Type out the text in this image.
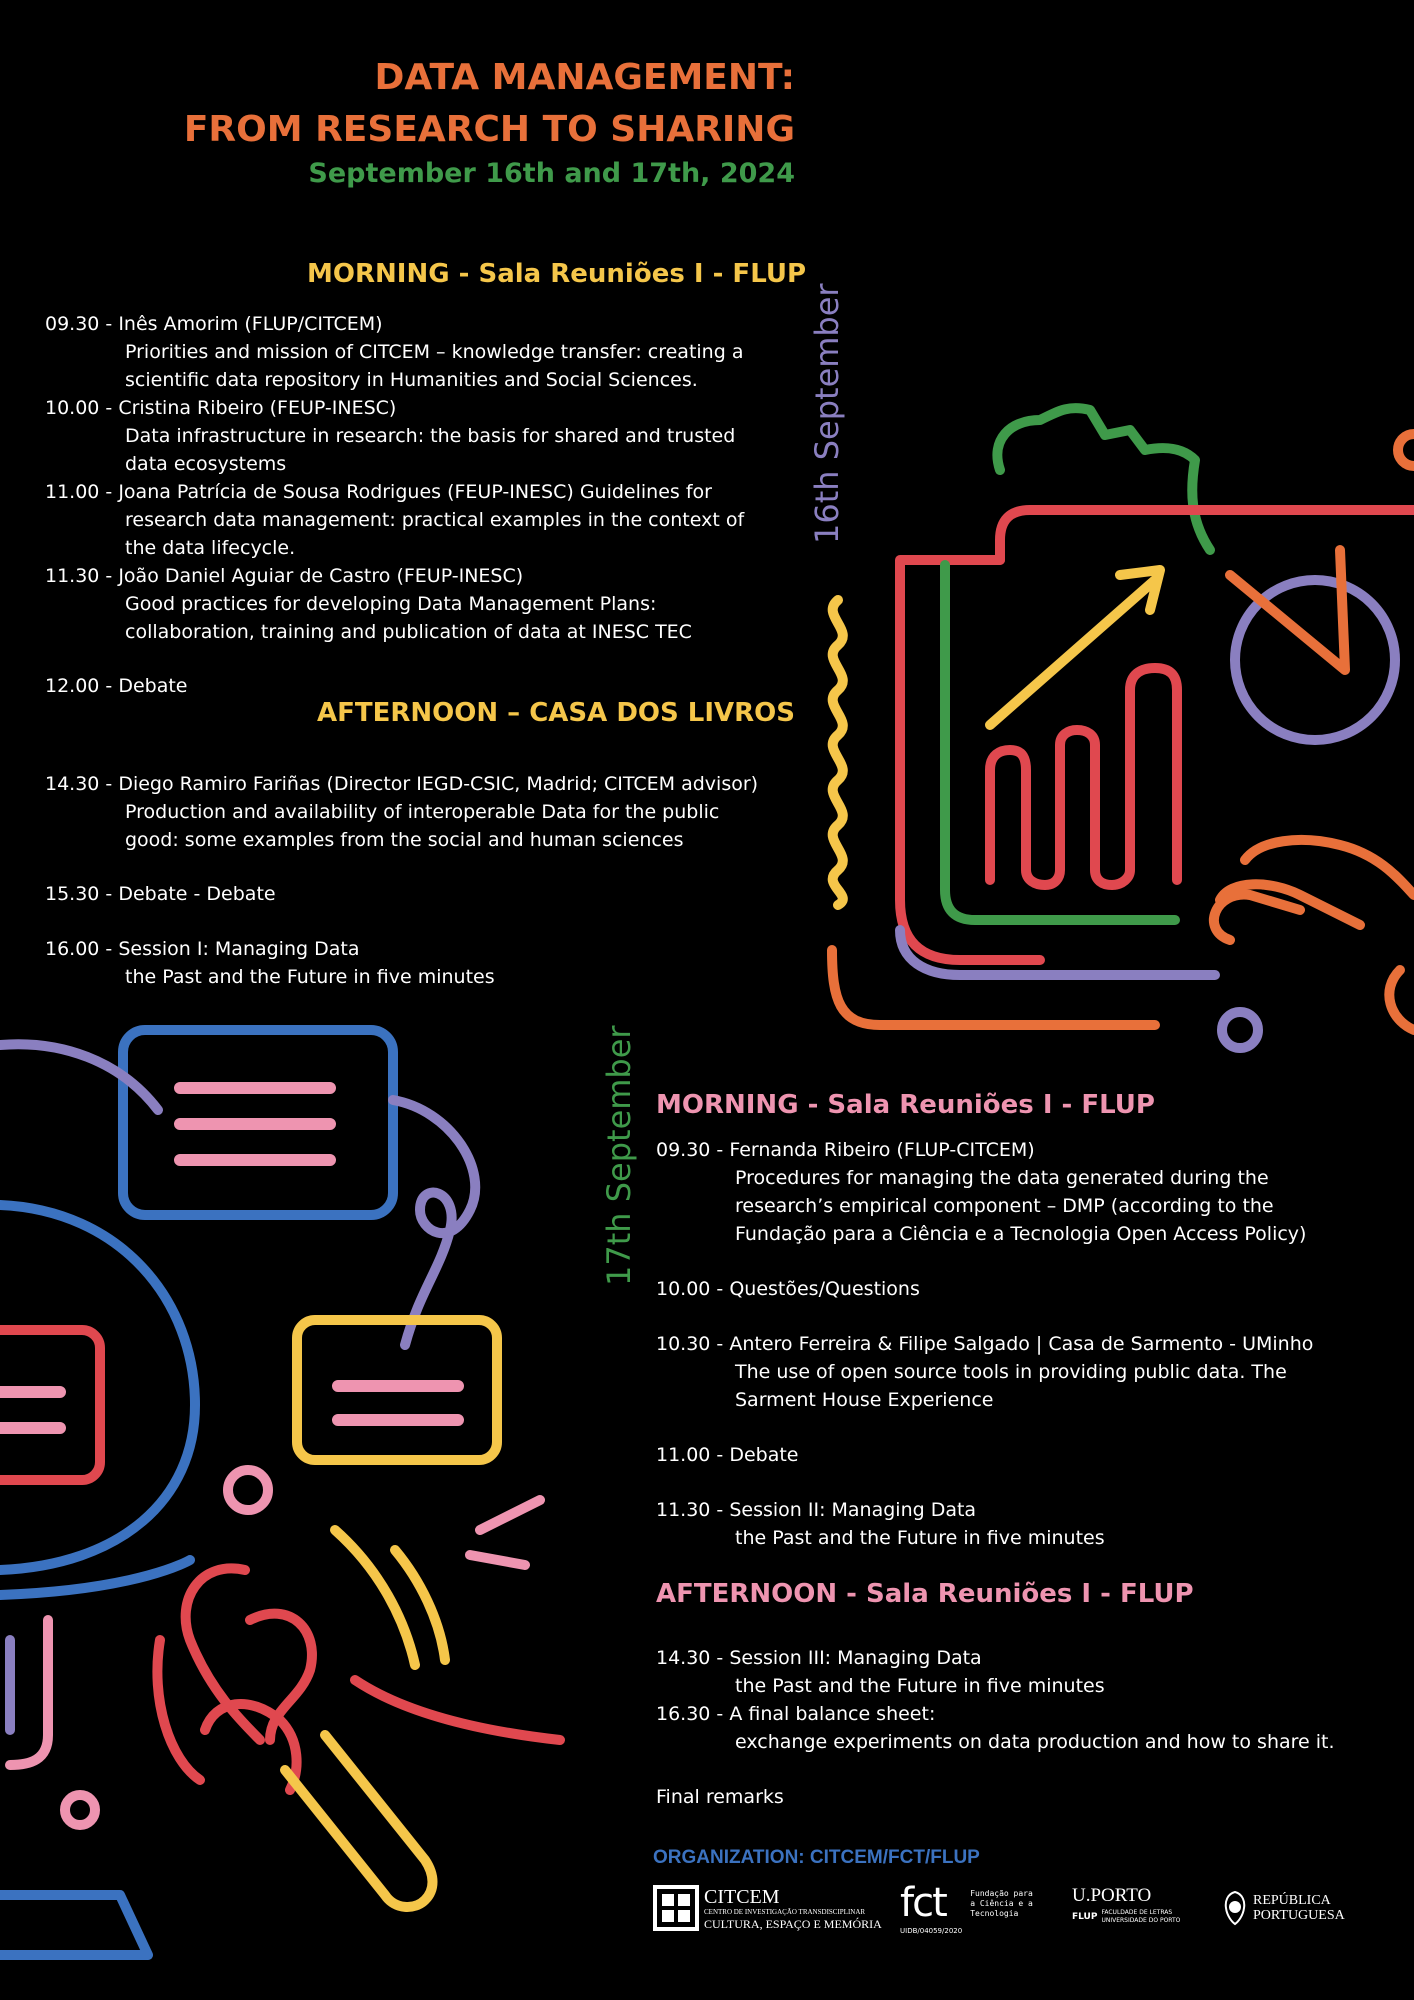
DATA MANAGEMENT:
FROM RESEARCH TO SHARING
September 16th and 17th, 2024
MORNING - Sala Reuniões I - FLUP
16th September
09.30 - Inês Amorim (FLUP/CITCEM)
Priorities and mission of CITCEM – knowledge transfer: creating a
scientific data repository in Humanities and Social Sciences.
10.00 - Cristina Ribeiro (FEUP-INESC)
Data infrastructure in research: the basis for shared and trusted
data ecosystems
11.00 - Joana Patrícia de Sousa Rodrigues (FEUP-INESC) Guidelines for
research data management: practical examples in the context of
the data lifecycle.
11.30 - João Daniel Aguiar de Castro (FEUP-INESC)
Good practices for developing Data Management Plans:
collaboration, training and publication of data at INESC TEC
12.00 - Debate
AFTERNOON – CASA DOS LIVROS
14.30 - Diego Ramiro Fariñas (Director IEGD-CSIC, Madrid; CITCEM advisor)
Production and availability of interoperable Data for the public
good: some examples from the social and human sciences
15.30 - Debate - Debate
16.00 - Session I: Managing Data
the Past and the Future in five minutes
17th September MORNING - Sala Reuniões I - FLUP
09.30 - Fernanda Ribeiro (FLUP-CITCEM)
Procedures for managing the data generated during the
research’s empirical component – DMP (according to the
Fundação para a Ciência e a Tecnologia Open Access Policy)
10.00 - Questões/Questions
10.30 - Antero Ferreira & Filipe Salgado | Casa de Sarmento - UMinho
The use of open source tools in providing public data. The
Sarment House Experience
11.00 - Debate
11.30 - Session II: Managing Data
the Past and the Future in five minutes
AFTERNOON - Sala Reuniões I - FLUP
14.30 - Session III: Managing Data
the Past and the Future in five minutes
16.30 - A final balance sheet:
exchange experiments on data production and how to share it.
Final remarks
ORGANIZATION: CITCEM/FCT/FLUP
CITCEM
CENTRO DE INVESTIGAÇÃO TRANSDISCIPLINAR
CULTURA, ESPAÇO E MEMÓRIA fct
UIDB/04059/2020
Fundação para a Ciência e a Tecnologia
U.PORTO
FLUP FACULDADE DE LETRAS UNIVERSIDADE DO PORTO
REPÚBLICA
PORTUGUESA
